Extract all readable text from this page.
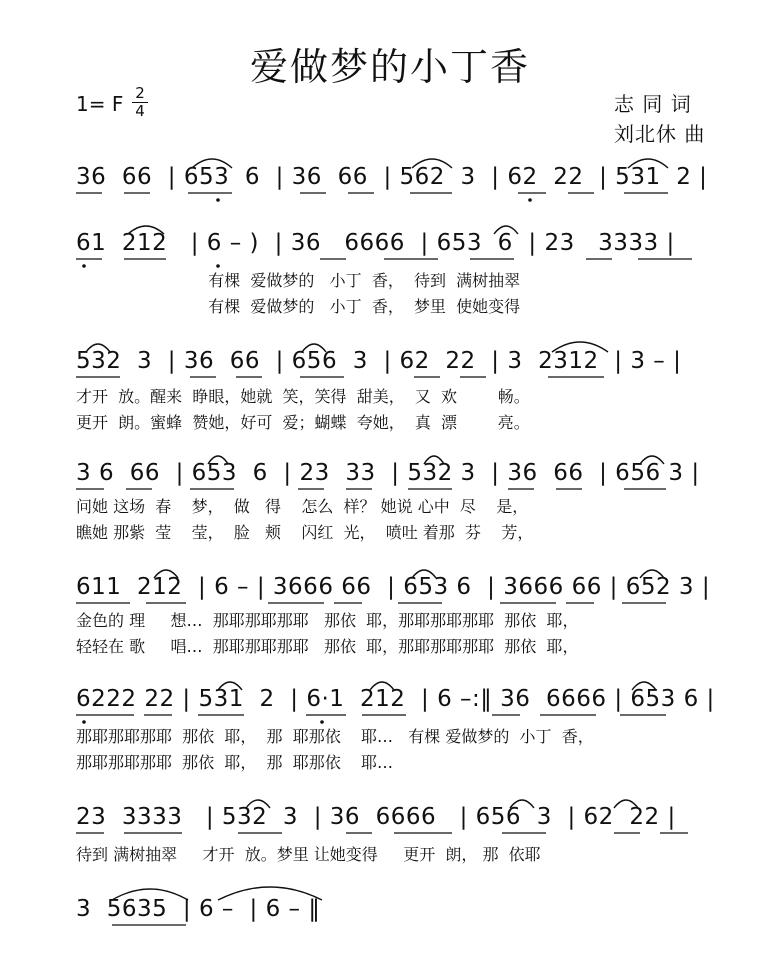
爱做梦的小丁香
1= F 2
4	志 同 词
刘北休 曲
36  66  | 653  6  | 36  66  | 562  3  | 62  22  | 531  2 |
61  212   | 6 – )  | 36   6666  | 653  6  | 23   3333 |
有棵  爱做梦的   小丁  香，  待到  满树抽翠
有棵  爱做梦的   小丁  香，  梦里  使她变得
532  3  | 36  66  | 656  3  | 62  22  | 3  2312  | 3 – |
才开  放。醒来  睁眼，她就  笑，笑得  甜美，  又  欢        畅。
更开  朗。蜜蜂  赞她，好可  爱；蝴蝶  夸她，  真  漂        亮。
3 6  66  | 653  6  | 23  33  | 532 3  | 36  66  | 656 3 |
问她 这场  春    梦，  做   得    怎么  样？ 她说 心中  尽    是，
瞧她 那紫  莹    莹，  脸   颊    闪红  光，  喷吐 着那  芬    芳，
611  212  | 6 – | 3666 66  | 653 6  | 3666 66 | 652 3 |
金色的 理     想…  那耶那耶那耶   那依  耶，那耶那耶那耶  那依  耶，
轻轻在 歌     唱…  那耶那耶那耶   那依  耶，那耶那耶那耶  那依  耶，
6222 22 | 531  2  | 6·1  212  | 6 –:‖ 36  6666 | 653 6 |
那耶那耶那耶  那依  耶，  那  耶那依    耶…   有棵 爱做梦的  小丁  香，
那耶那耶那耶  那依  耶，  那  耶那依    耶…
23  3333   | 532  3  | 36  6666   | 656  3  | 62  22 |
待到 满树抽翠     才开  放。梦里 让她变得     更开  朗， 那  依耶
3  5635  | 6 –  | 6 – ‖
